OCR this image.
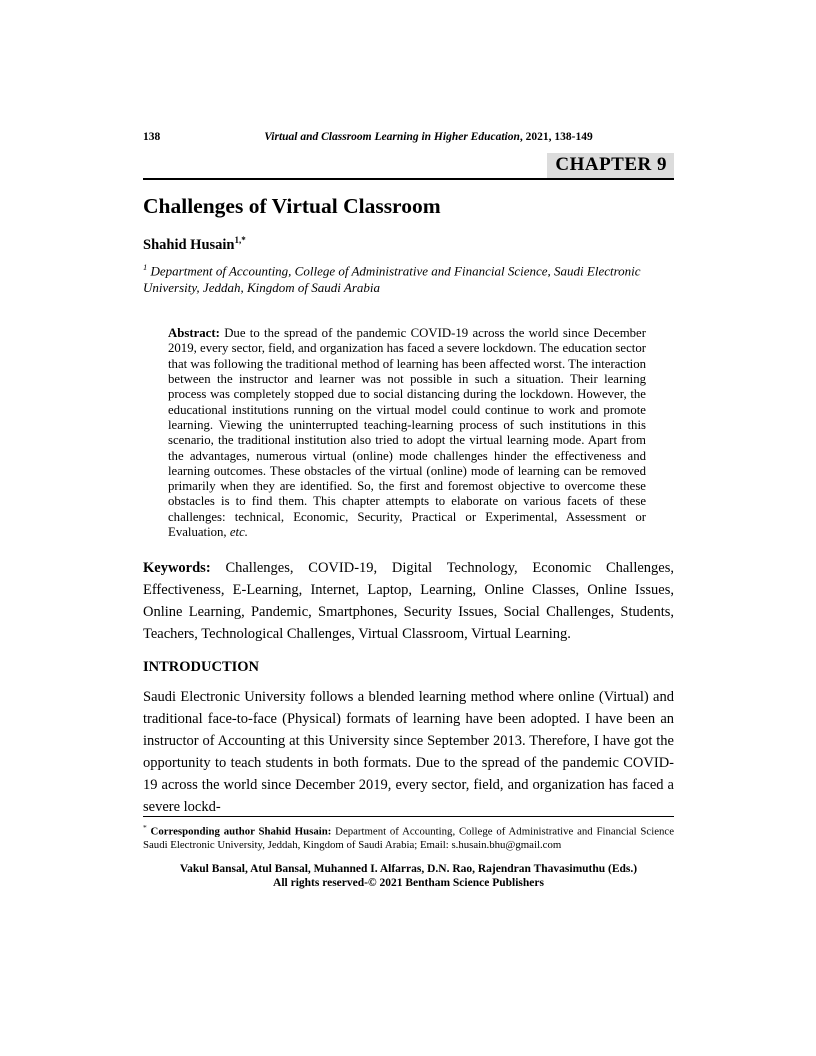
138	Virtual and Classroom Learning in Higher Education, 2021, 138-149
CHAPTER 9
Challenges of Virtual Classroom
Shahid Husain$^{1,*}$
$^1$ Department of Accounting, College of Administrative and Financial Science, Saudi Electronic University, Jeddah, Kingdom of Saudi Arabia

Abstract: Due to the spread of the pandemic COVID-19 across the world since December 2019, every sector, field, and organization has faced a severe lockdown. The education sector that was following the traditional method of learning has been affected worst. The interaction between the instructor and learner was not possible in such a situation. Their learning process was completely stopped due to social distancing during the lockdown. However, the educational institutions running on the virtual model could continue to work and promote learning. Viewing the uninterrupted teaching-learning process of such institutions in this scenario, the traditional institution also tried to adopt the virtual learning mode. Apart from the advantages, numerous virtual (online) mode challenges hinder the effectiveness and learning outcomes. These obstacles of the virtual (online) mode of learning can be removed primarily when they are identified. So, the first and foremost objective to overcome these obstacles is to find them. This chapter attempts to elaborate on various facets of these challenges: technical, Economic, Security, Practical or Experimental, Assessment or Evaluation, etc.

Keywords: Challenges, COVID-19, Digital Technology, Economic Challenges, Effectiveness, E-Learning, Internet, Laptop, Learning, Online Classes, Online Issues, Online Learning, Pandemic, Smartphones, Security Issues, Social Challenges, Students, Teachers, Technological Challenges, Virtual Classroom, Virtual Learning.

INTRODUCTION

Saudi Electronic University follows a blended learning method where online (Virtual) and traditional face-to-face (Physical) formats of learning have been adopted. I have been an instructor of Accounting at this University since September 2013. Therefore, I have got the opportunity to teach students in both formats. Due to the spread of the pandemic COVID-19 across the world since December 2019, every sector, field, and organization has faced a severe lockd-

* Corresponding author Shahid Husain: Department of Accounting, College of Administrative and Financial Science Saudi Electronic University, Jeddah, Kingdom of Saudi Arabia; Email: s.husain.bhu@gmail.com

Vakul Bansal, Atul Bansal, Muhanned I. Alfarras, D.N. Rao, Rajendran Thavasimuthu (Eds.)
All rights reserved-© 2021 Bentham Science Publishers
